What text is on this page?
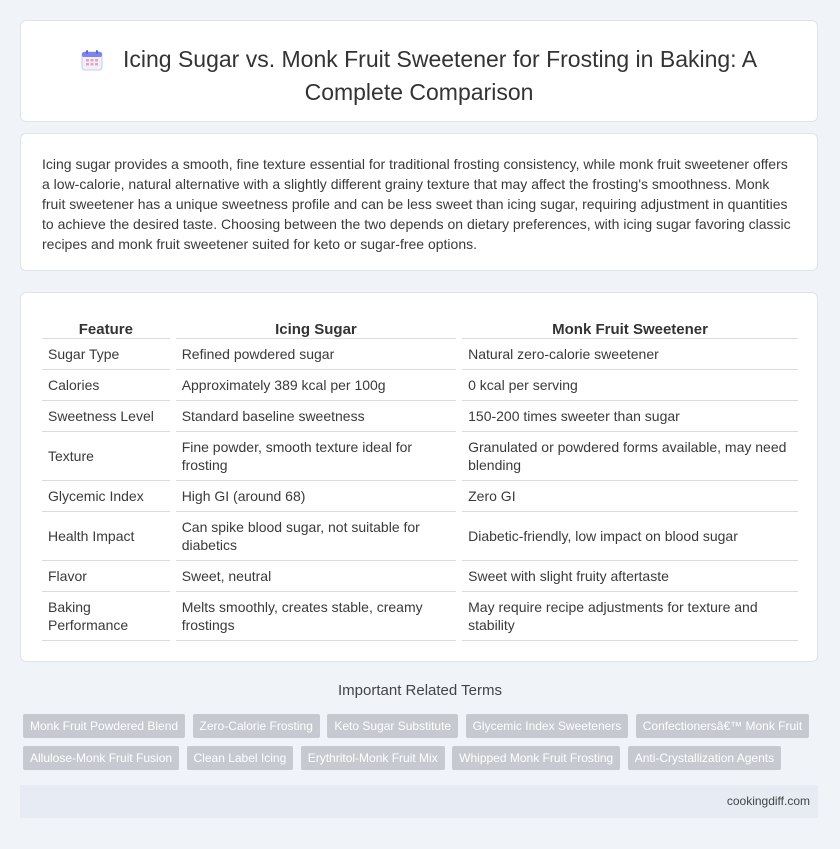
Icing Sugar vs. Monk Fruit Sweetener for Frosting in Baking: A Complete Comparison
Icing sugar provides a smooth, fine texture essential for traditional frosting consistency, while monk fruit sweetener offers a low-calorie, natural alternative with a slightly different grainy texture that may affect the frosting's smoothness. Monk fruit sweetener has a unique sweetness profile and can be less sweet than icing sugar, requiring adjustment in quantities to achieve the desired taste. Choosing between the two depends on dietary preferences, with icing sugar favoring classic recipes and monk fruit sweetener suited for keto or sugar-free options.
Feature	Icing Sugar	Monk Fruit Sweetener
Sugar Type	Refined powdered sugar	Natural zero-calorie sweetener
Calories	Approximately 389 kcal per 100g	0 kcal per serving
Sweetness Level	Standard baseline sweetness	150-200 times sweeter than sugar
Texture	Fine powder, smooth texture ideal for frosting	Granulated or powdered forms available, may need blending
Glycemic Index	High GI (around 68)	Zero GI
Health Impact	Can spike blood sugar, not suitable for diabetics	Diabetic-friendly, low impact on blood sugar
Flavor	Sweet, neutral	Sweet with slight fruity aftertaste
Baking Performance	Melts smoothly, creates stable, creamy frostings	May require recipe adjustments for texture and stability
Important Related Terms
Monk Fruit Powdered Blend Zero-Calorie Frosting Keto Sugar Substitute Glycemic Index Sweeteners Confectionersâ€™ Monk Fruit Allulose-Monk Fruit Fusion Clean Label Icing Erythritol-Monk Fruit Mix Whipped Monk Fruit Frosting Anti-Crystallization Agents
cookingdiff.com
